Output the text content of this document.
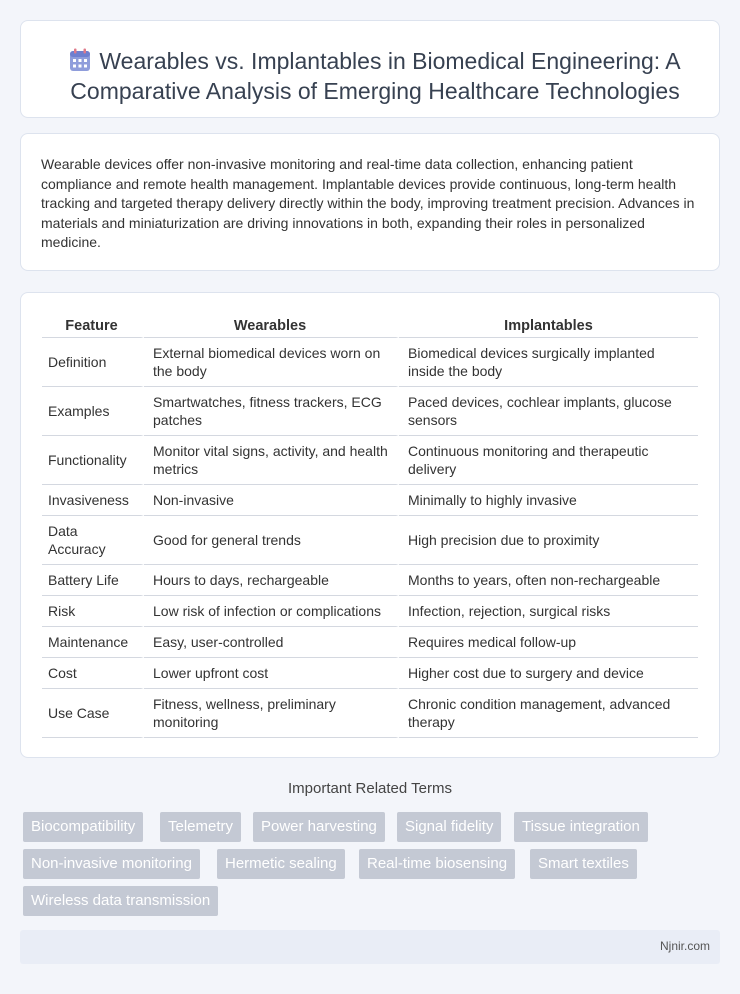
Wearables vs. Implantables in Biomedical Engineering: A Comparative Analysis of Emerging Healthcare Technologies

Wearable devices offer non-invasive monitoring and real-time data collection, enhancing patient compliance and remote health management. Implantable devices provide continuous, long-term health tracking and targeted therapy delivery directly within the body, improving treatment precision. Advances in materials and miniaturization are driving innovations in both, expanding their roles in personalized medicine.

Feature	Wearables	Implantables
Definition	External biomedical devices worn on the body	Biomedical devices surgically implanted inside the body
Examples	Smartwatches, fitness trackers, ECG patches	Paced devices, cochlear implants, glucose sensors
Functionality	Monitor vital signs, activity, and health metrics	Continuous monitoring and therapeutic delivery
Invasiveness	Non-invasive	Minimally to highly invasive
Data Accuracy	Good for general trends	High precision due to proximity
Battery Life	Hours to days, rechargeable	Months to years, often non-rechargeable
Risk	Low risk of infection or complications	Infection, rejection, surgical risks
Maintenance	Easy, user-controlled	Requires medical follow-up
Cost	Lower upfront cost	Higher cost due to surgery and device
Use Case	Fitness, wellness, preliminary monitoring	Chronic condition management, advanced therapy
Important Related Terms
Biocompatibility	Telemetry	Power harvesting	Signal fidelity	Tissue integration
Non-invasive monitoring	Hermetic sealing	Real-time biosensing	Smart textiles
Wireless data transmission
Njnir.com
